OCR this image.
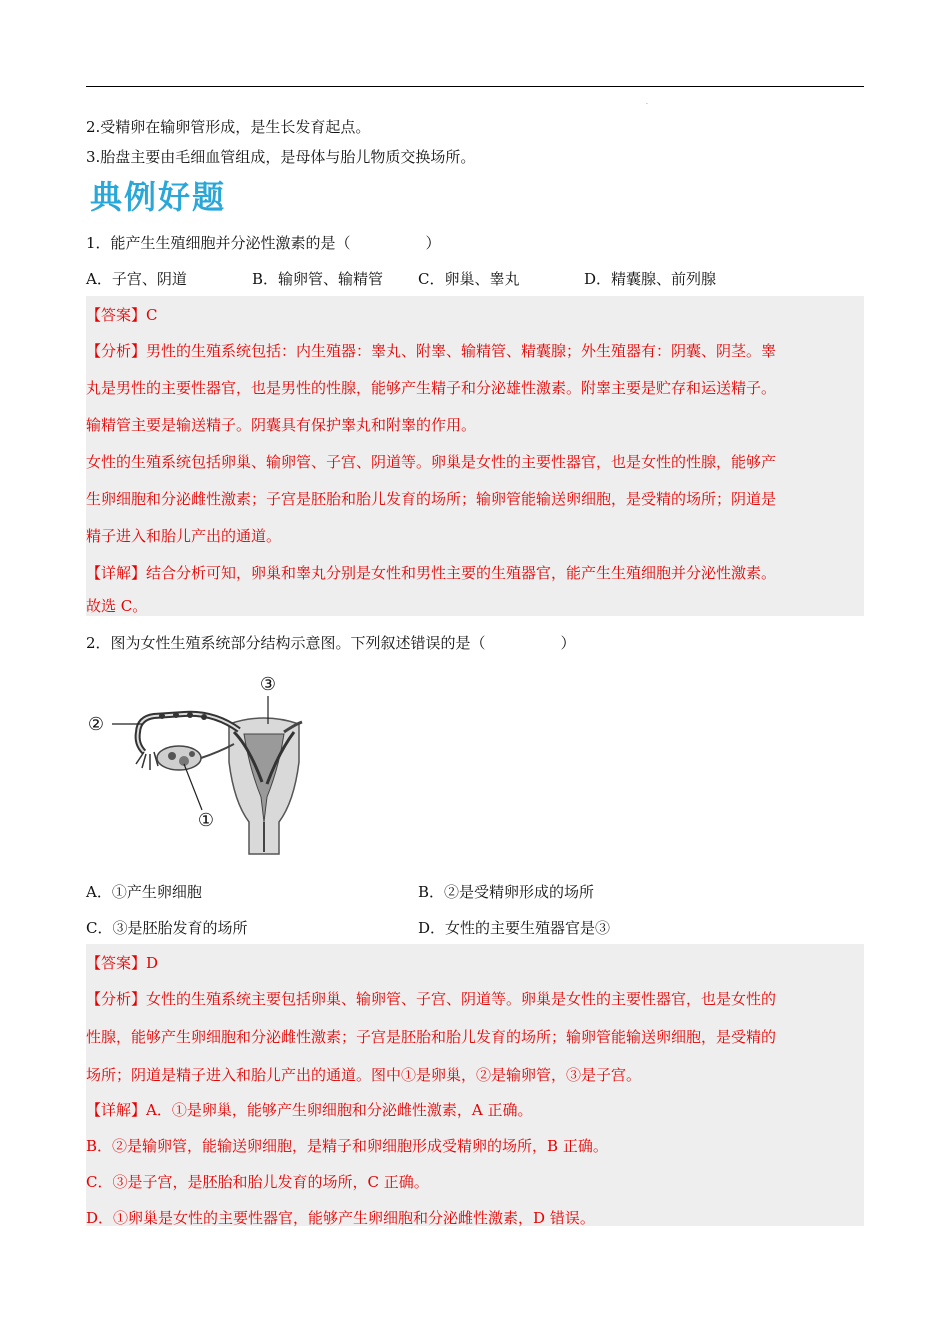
.
2.受精卵在输卵管形成，是生长发育起点。
3.胎盘主要由毛细血管组成，是母体与胎儿物质交换场所。
典例好题
1．能产生生殖细胞并分泌性激素的是（　　　　　）
A．子宫、阴道	B．输卵管、输精管 C．卵巢、睾丸	D．精囊腺、前列腺
【答案】C
【分析】男性的生殖系统包括：内生殖器：睾丸、附睾、输精管、精囊腺；外生殖器有：阴囊、阴茎。睾
丸是男性的主要性器官，也是男性的性腺，能够产生精子和分泌雄性激素。附睾主要是贮存和运送精子。
输精管主要是输送精子。阴囊具有保护睾丸和附睾的作用。
女性的生殖系统包括卵巢、输卵管、子宫、阴道等。卵巢是女性的主要性器官，也是女性的性腺，能够产
生卵细胞和分泌雌性激素；子宫是胚胎和胎儿发育的场所；输卵管能输送卵细胞，是受精的场所；阴道是
精子进入和胎儿产出的通道。
【详解】结合分析可知，卵巢和睾丸分别是女性和男性主要的生殖器官，能产生生殖细胞并分泌性激素。
故选 C。
2．图为女性生殖系统部分结构示意图。下列叙述错误的是（　　　　　）
①
②
③
A．①产生卵细胞	B．②是受精卵形成的场所
C．③是胚胎发育的场所	D．女性的主要生殖器官是③
【答案】D
【分析】女性的生殖系统主要包括卵巢、输卵管、子宫、阴道等。卵巢是女性的主要性器官，也是女性的
性腺，能够产生卵细胞和分泌雌性激素；子宫是胚胎和胎儿发育的场所；输卵管能输送卵细胞，是受精的
场所；阴道是精子进入和胎儿产出的通道。图中①是卵巢，②是输卵管，③是子宫。
【详解】A．①是卵巢，能够产生卵细胞和分泌雌性激素，A 正确。
B．②是输卵管，能输送卵细胞，是精子和卵细胞形成受精卵的场所，B 正确。
C．③是子宫，是胚胎和胎儿发育的场所，C 正确。
D．①卵巢是女性的主要性器官，能够产生卵细胞和分泌雌性激素，D 错误。
